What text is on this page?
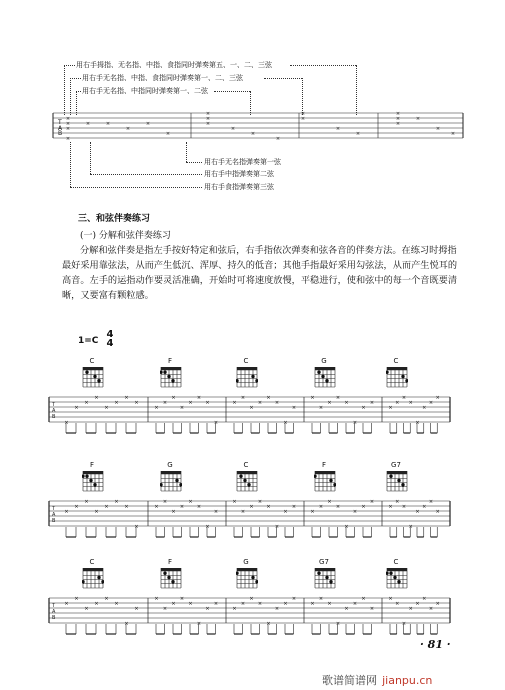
用右手拇指、无名指、中指、食指同时弹奏第五、一、二、三弦
用右手无名指、中指、食指同时弹奏第一、二、三弦
用右手无名指、中指同时弹奏第一、二弦
×
×
×
×
×	×
×
×
×
×
×
×
×
×
×
×
×
×
×
×
×
×
×
×
×
T
A
B
用右手无名指弹奏第一弦
用右手中指弹奏第二弦
用右手食指弹奏第三弦
三、和弦伴奏练习
(一) 分解和弦伴奏练习
分解和弦伴奏是指左手按好特定和弦后，右手指依次弹奏和弦各音的伴奏方法。在练习时拇指最好采用靠弦法，从而产生低沉、浑厚、持久的低音；其他手指最好采用勾弦法，从而产生悦耳的高音。左手的运指动作要灵活准确，开始时可将速度放慢，平稳进行，使和弦中的每一个音既要清晰，又要富有颗粒感。
1=C
4
4
C	F	C	G	C
T
A
B
×
×
×
×
×
×
×
×
×
×
×
×
×
×
×
×
×
×
×
×
×
×
×
×
×
×
×
×
×
×
×
×
×
×
×
×
×
×
×
×
F	G	C	F	G7
T
A
B
×
×
×
×
×
×
×
×
×
×
×
×
×
×
×
×
×
×
×
×
×
×
×
×
×
×
×
×
×
×
×
×
×
×
×
×
×
×
×
×
C	F	G	G7	C
T
A
B
×
×
×
×
×
×
×
×
×
×
×
×
×
×
×
×
×
×
×
×
×
×
×
×
×
×
×
×
×
×
×
×
×
×
×
×
×
×
×
×
· 81 ·
歌谱简谱网 jianpu.cn
